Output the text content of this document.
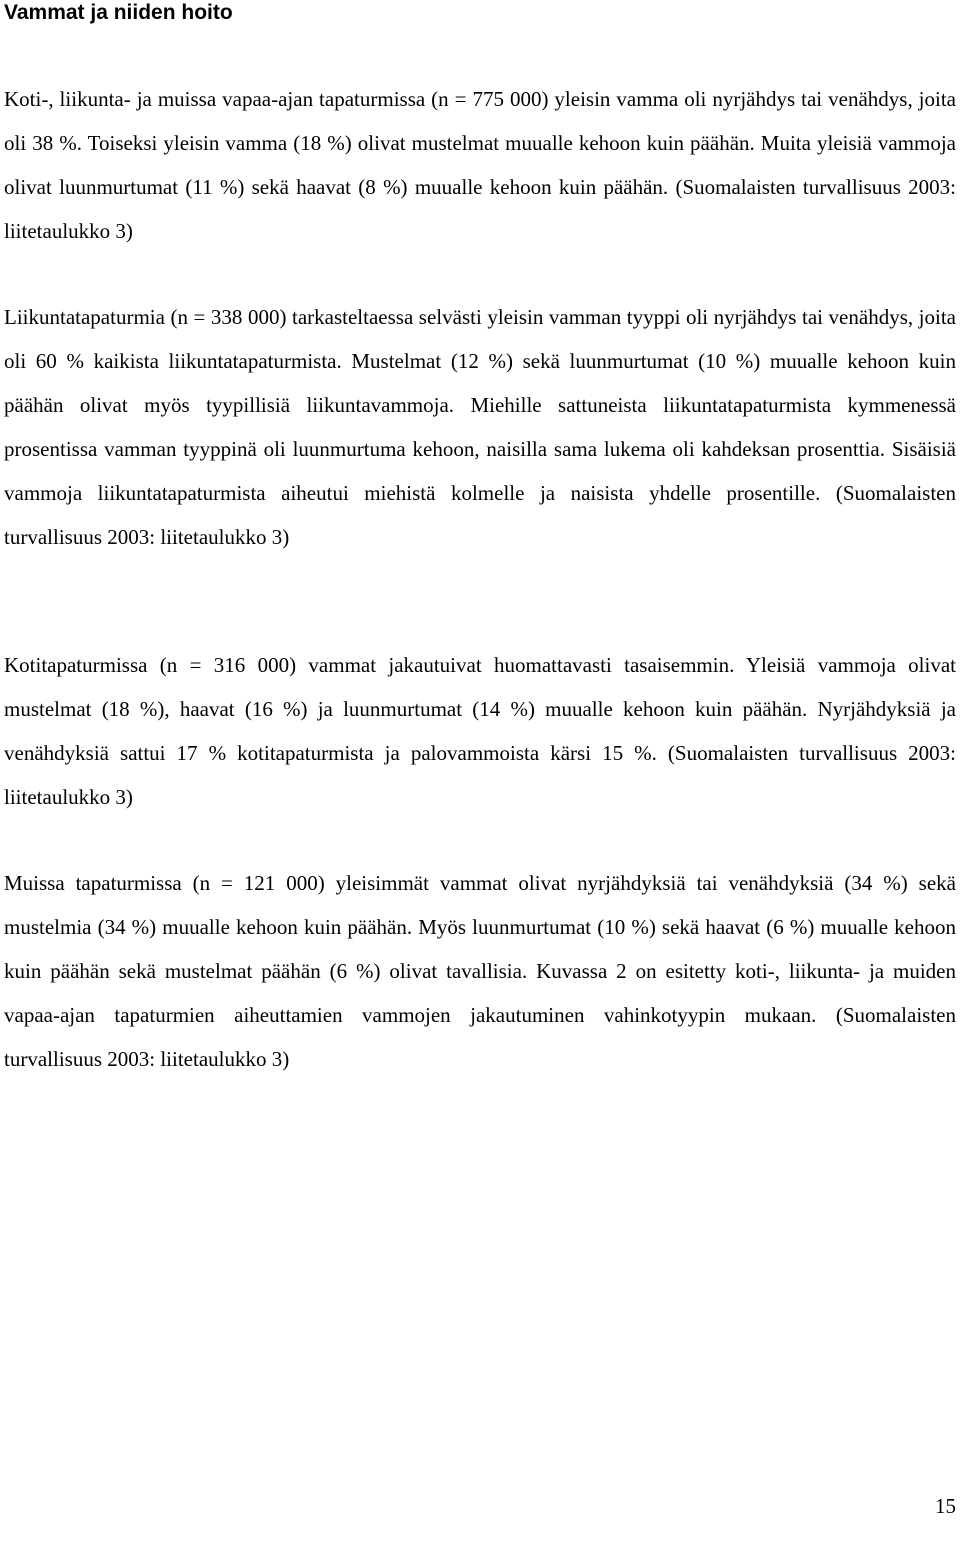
Vammat ja niiden hoito

Koti-, liikunta- ja muissa vapaa-ajan tapaturmissa (n = 775 000) yleisin vamma oli nyrjähdys tai venähdys, joita oli 38 %. Toiseksi yleisin vamma (18 %) olivat mustelmat muualle kehoon kuin päähän. Muita yleisiä vammoja olivat luunmurtumat (11 %) sekä haavat (8 %) muualle kehoon kuin päähän. (Suomalaisten turvallisuus 2003: liitetaulukko 3)

Liikuntatapaturmia (n = 338 000) tarkasteltaessa selvästi yleisin vamman tyyppi oli nyrjähdys tai venähdys, joita oli 60 % kaikista liikuntatapaturmista. Mustelmat (12 %) sekä luunmurtumat (10 %) muualle kehoon kuin päähän olivat myös tyypillisiä liikuntavammoja. Miehille sattuneista liikuntatapaturmista kymmenessä prosentissa vamman tyyppinä oli luunmurtuma kehoon, naisilla sama lukema oli kahdeksan prosenttia. Sisäisiä vammoja liikuntatapaturmista aiheutui miehistä kolmelle ja naisista yhdelle prosentille. (Suomalaisten turvallisuus 2003: liitetaulukko 3)

Kotitapaturmissa (n = 316 000) vammat jakautuivat huomattavasti tasaisemmin. Yleisiä vammoja olivat mustelmat (18 %), haavat (16 %) ja luunmurtumat (14 %) muualle kehoon kuin päähän. Nyrjähdyksiä ja venähdyksiä sattui 17 % kotitapaturmista ja palovammoista kärsi 15 %. (Suomalaisten turvallisuus 2003: liitetaulukko 3)

Muissa tapaturmissa (n = 121 000) yleisimmät vammat olivat nyrjähdyksiä tai venähdyksiä (34 %) sekä mustelmia (34 %) muualle kehoon kuin päähän. Myös luunmurtumat (10 %) sekä haavat (6 %) muualle kehoon kuin päähän sekä mustelmat päähän (6 %) olivat tavallisia. Kuvassa 2 on esitetty koti-, liikunta- ja muiden vapaa-ajan tapaturmien aiheuttamien vammojen jakautuminen vahinkotyypin mukaan. (Suomalaisten turvallisuus 2003: liitetaulukko 3)

15
